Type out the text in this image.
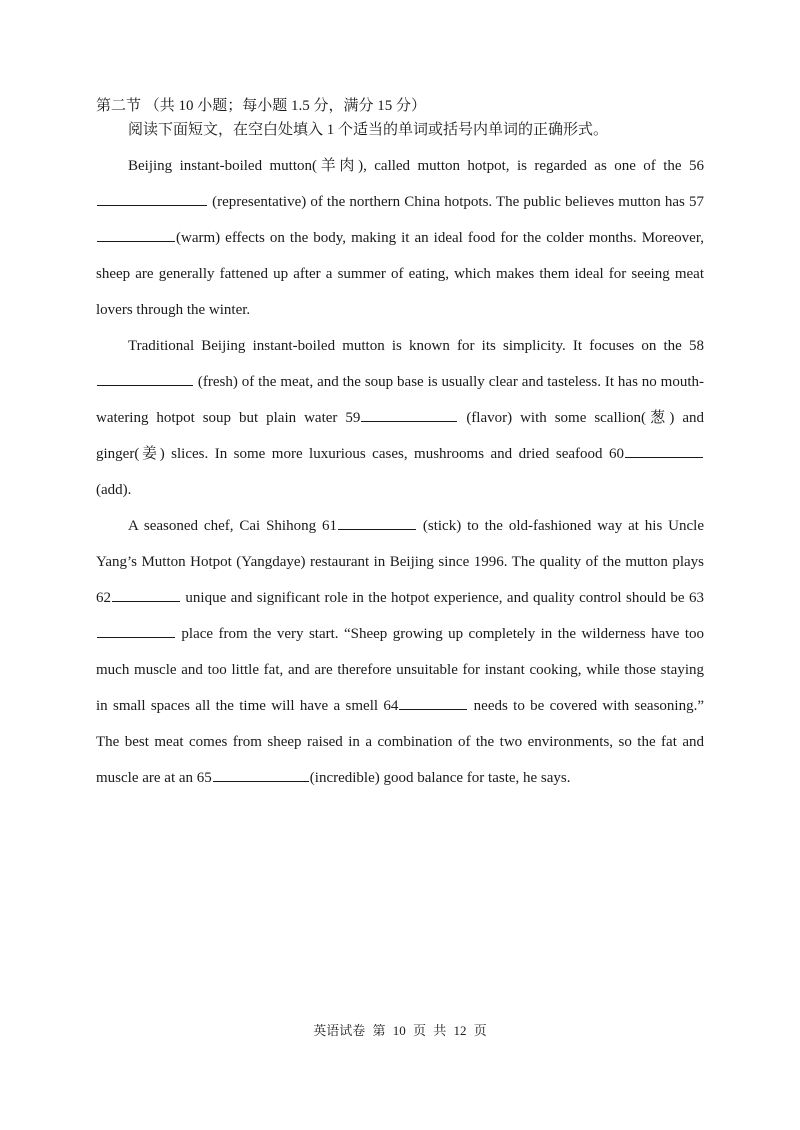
第二节 （共 10 小题；每小题 1.5 分，满分 15 分）
阅读下面短文，在空白处填入 1 个适当的单词或括号内单词的正确形式。

Beijing instant-boiled mutton(羊肉), called mutton hotpot, is regarded as one of the 56 (representative) of the northern China hotpots. The public believes mutton has 57(warm) effects on the body, making it an ideal food for the colder months. Moreover, sheep are generally fattened up after a summer of eating, which makes them ideal for seeing meat lovers through the winter.

Traditional Beijing instant-boiled mutton is known for its simplicity. It focuses on the 58 (fresh) of the meat, and the soup base is usually clear and tasteless. It has no mouth-watering hotpot soup but plain water 59	(flavor) with some scallion(葱) and ginger(姜) slices. In some more luxurious cases, mushrooms and dried seafood 60 (add).

A seasoned chef, Cai Shihong 61	(stick) to the old-fashioned way at his Uncle Yang’s Mutton Hotpot (Yangdaye) restaurant in Beijing since 1996. The quality of the mutton plays 62	unique and significant role in the hotpot experience, and quality control should be 63 place from the very start. “Sheep growing up completely in the wilderness have too much muscle and too little fat, and are therefore unsuitable for instant cooking, while those staying in small spaces all the time will have a smell 64	needs to be covered with seasoning.” The best meat comes from sheep raised in a combination of the two environments, so the fat and muscle are at an 65	(incredible) good balance for taste, he says.

英语试卷 第 10 页 共 12 页
